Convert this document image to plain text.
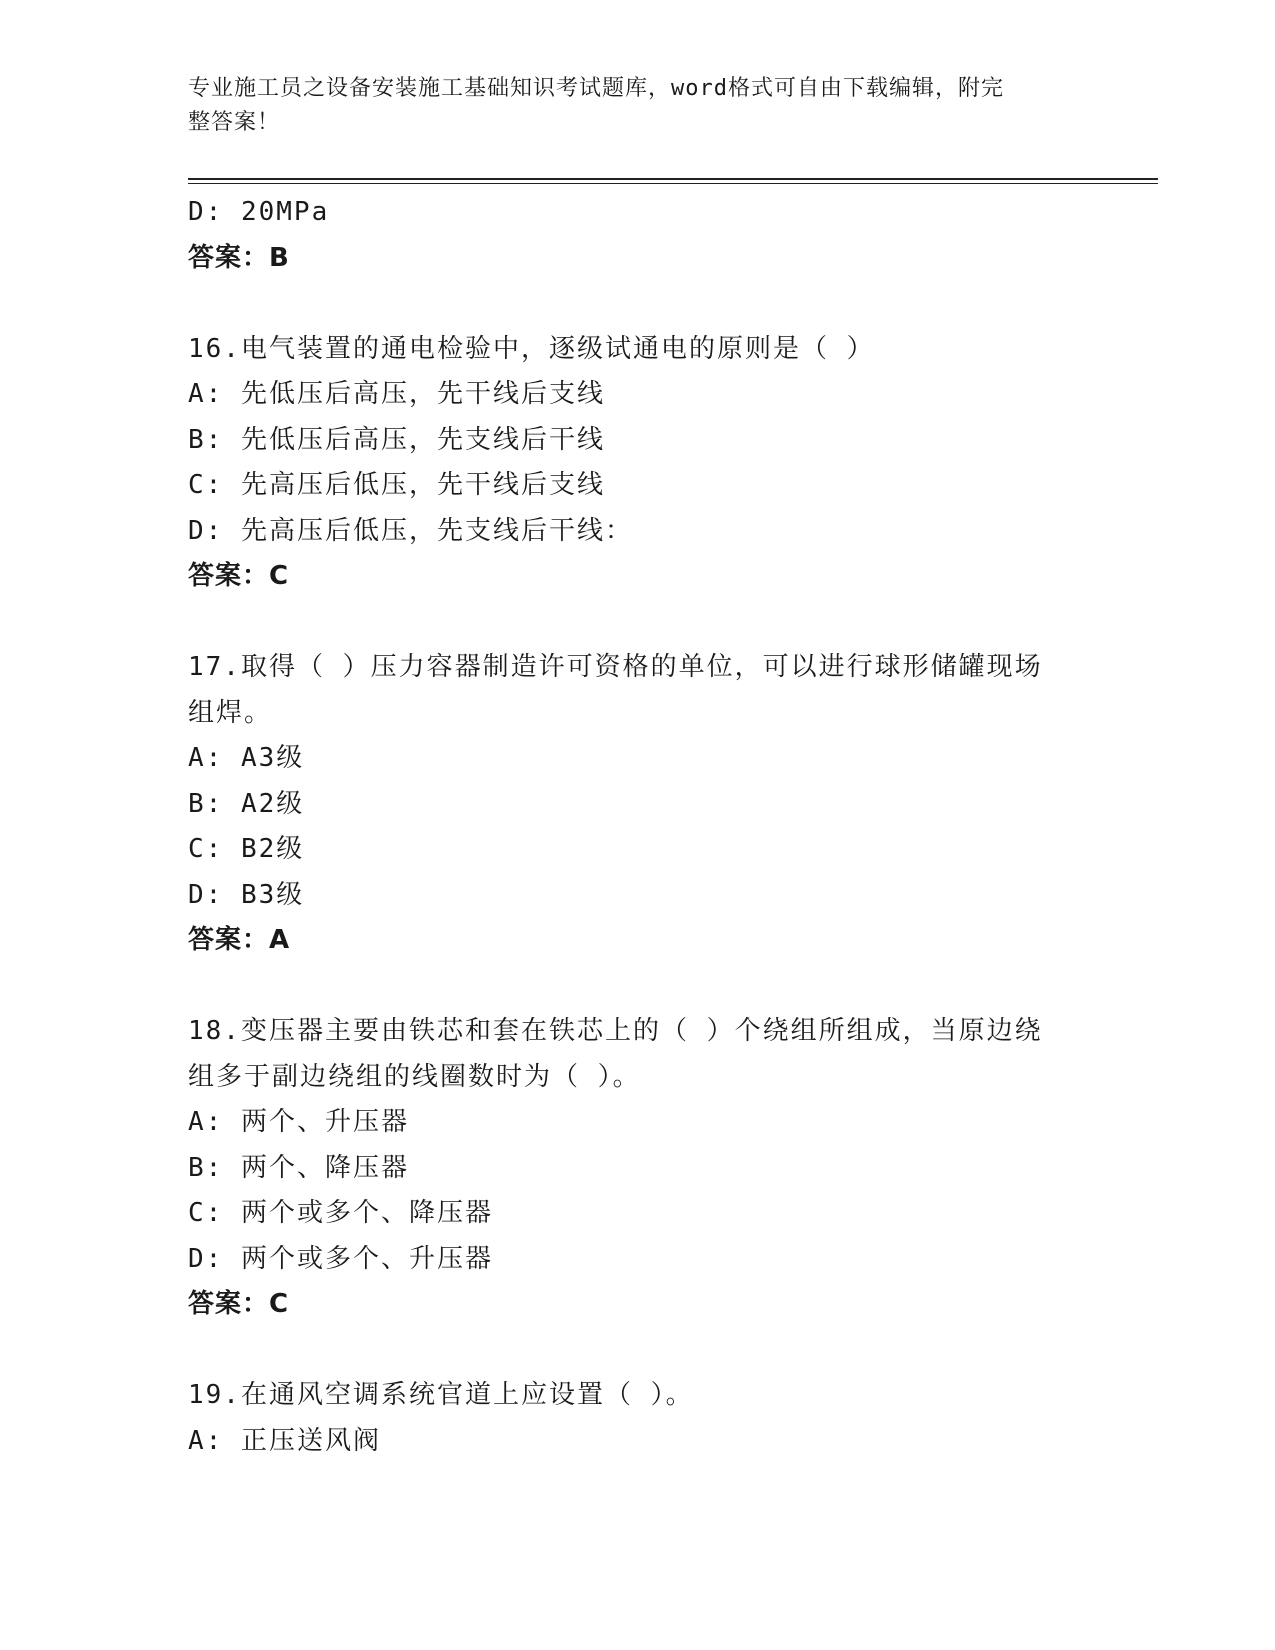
专业施工员之设备安装施工基础知识考试题库，word格式可自由下载编辑，附完
整答案！
D: 20MPa
答案：B
16.电气装置的通电检验中，逐级试通电的原则是（ ）
A: 先低压后高压，先干线后支线
B: 先低压后高压，先支线后干线
C: 先高压后低压，先干线后支线
D: 先高压后低压，先支线后干线：
答案：C
17.取得（ ）压力容器制造许可资格的单位，可以进行球形储罐现场
组焊。
A: A3级
B: A2级
C: B2级
D: B3级
答案：A
18.变压器主要由铁芯和套在铁芯上的（ ）个绕组所组成，当原边绕
组多于副边绕组的线圈数时为（ ）。
A: 两个、升压器
B: 两个、降压器
C: 两个或多个、降压器
D: 两个或多个、升压器
答案：C
19.在通风空调系统官道上应设置（ ）。
A: 正压送风阀
